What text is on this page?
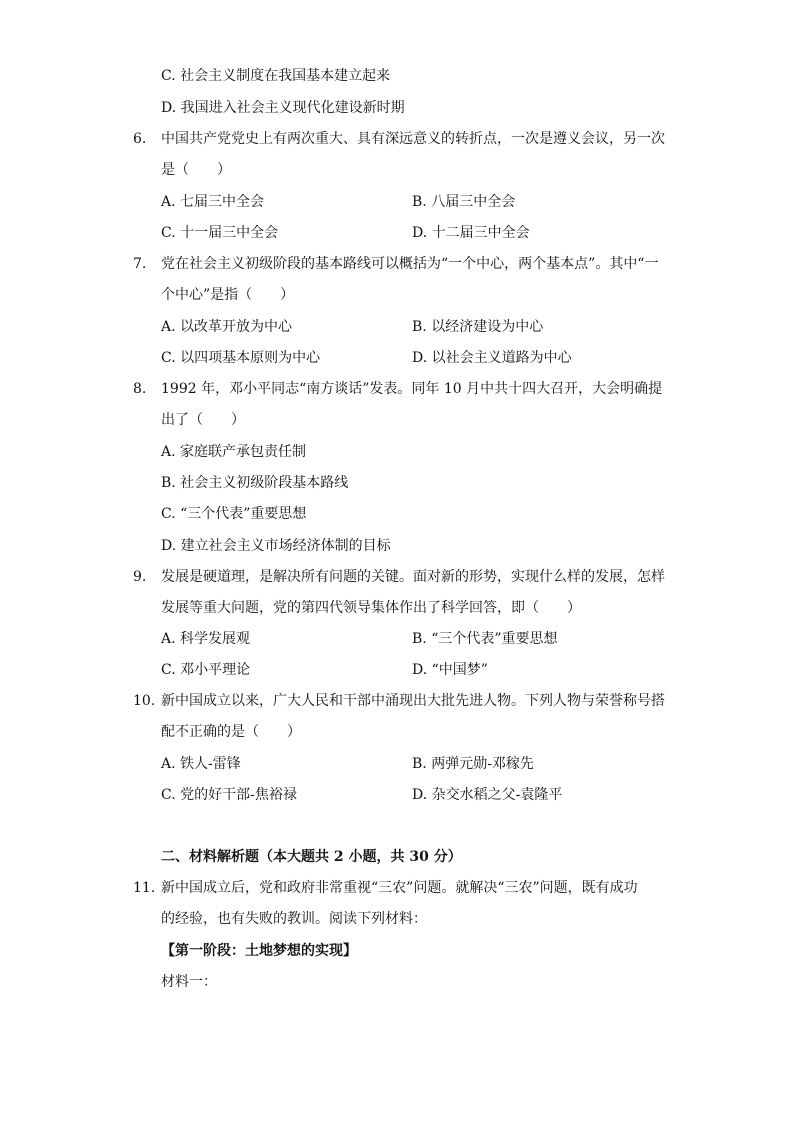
C. 社会主义制度在我国基本建立起来
D. 我国进入社会主义现代化建设新时期
6. 中国共产党党史上有两次重大、具有深远意义的转折点，一次是遵义会议，另一次
是（　　）
A. 七届三中全会	B. 八届三中全会
C. 十一届三中全会	D. 十二届三中全会
7. 党在社会主义初级阶段的基本路线可以概括为“一个中心，两个基本点”。其中“一
个中心”是指（　　）
A. 以改革开放为中心	B. 以经济建设为中心
C. 以四项基本原则为中心	D. 以社会主义道路为中心
8. 1992 年，邓小平同志“南方谈话”发表。同年 10 月中共十四大召开，大会明确提
出了（　　）
A. 家庭联产承包责任制
B. 社会主义初级阶段基本路线
C. “三个代表”重要思想
D. 建立社会主义市场经济体制的目标
9. 发展是硬道理，是解决所有问题的关键。面对新的形势，实现什么样的发展，怎样
发展等重大问题，党的第四代领导集体作出了科学回答，即（　　）
A. 科学发展观	B. “三个代表”重要思想
C. 邓小平理论	D. “中国梦”
10. 新中国成立以来，广大人民和干部中涌现出大批先进人物。下列人物与荣誉称号搭
配不正确的是（　　）
A. 铁人-雷锋	B. 两弹元勋-邓稼先
C. 党的好干部-焦裕禄	D. 杂交水稻之父-袁隆平
二、材料解析题（本大题共 2 小题，共 30 分）
11. 新中国成立后，党和政府非常重视“三农”问题。就解决“三农”问题，既有成功
的经验，也有失败的教训。阅读下列材料：
【第一阶段：土地梦想的实现】
材料一：
